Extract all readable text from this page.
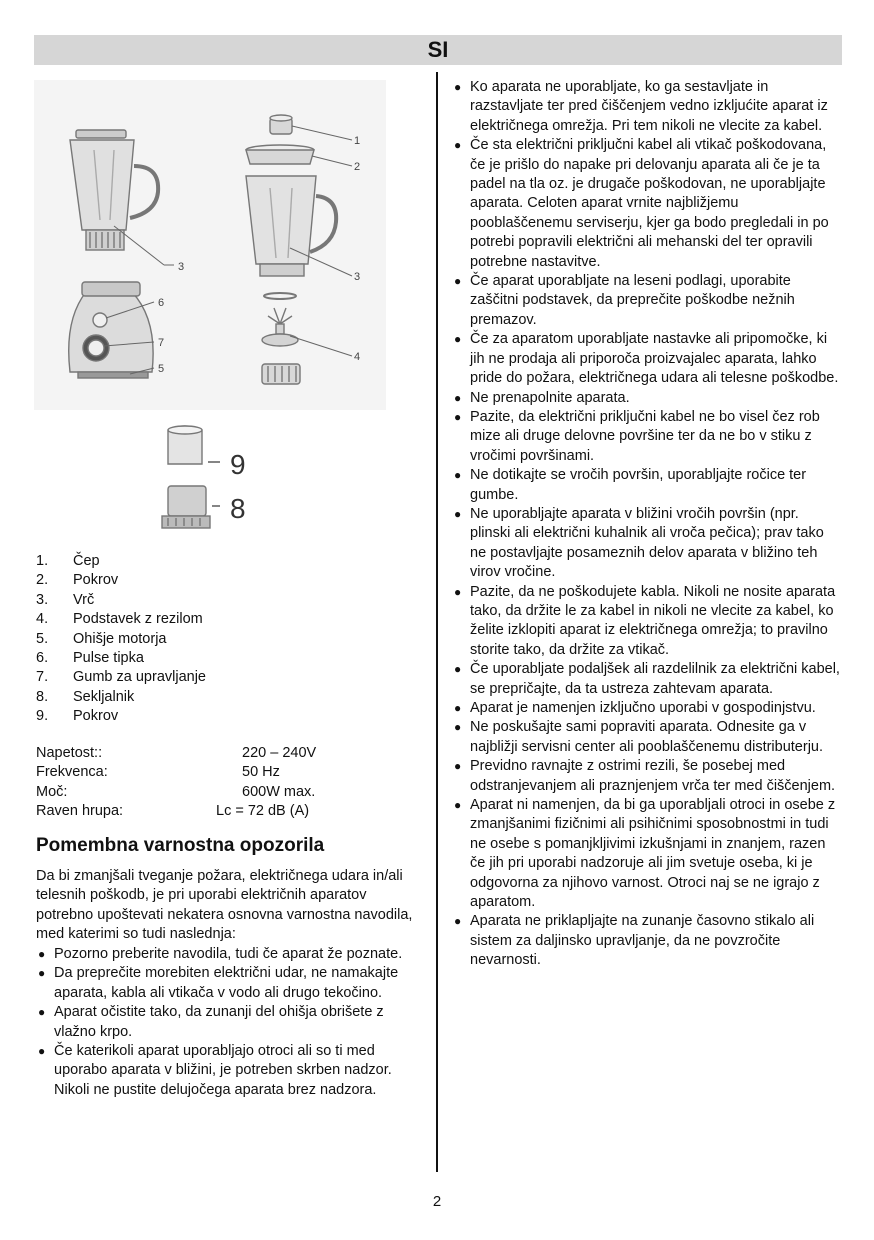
SI
3
6
7
5
1
2
3
4
9
8
1. Čep
2. Pokrov
3. Vrč
4. Podstavek z rezilom
5. Ohišje motorja
6. Pulse tipka
7. Gumb za upravljanje
8. Sekljalnik
9. Pokrov
Napetost::	220 – 240V
Frekvenca:	50 Hz
Moč:	600W max.
Raven hrupa:	Lc = 72 dB (A)
Pomembna varnostna opozorila

Da bi zmanjšali tveganje požara, električnega udara in/ali telesnih poškodb, je pri uporabi električnih aparatov potrebno upoštevati nekatera osnovna varnostna navodila, med katerimi so tudi naslednja:

● Pozorno preberite navodila, tudi če aparat že poznate.
● Da preprečite morebiten električni udar, ne namakajte aparata, kabla ali vtikača v vodo ali drugo tekočino.
● Aparat očistite tako, da zunanji del ohišja obrišete z vlažno krpo.
● Če katerikoli aparat uporabljajo otroci ali so ti med uporabo aparata v bližini, je potreben skrben nadzor. Nikoli ne pustite delujočega aparata brez nadzora.
● Ko aparata ne uporabljate, ko ga sestavljate in razstavljate ter pred čiščenjem vedno izkljućite aparat iz električnega omrežja. Pri tem nikoli ne vlecite za kabel.
● Če sta električni priključni kabel ali vtikač poškodovana, če je prišlo do napake pri delovanju aparata ali če je ta padel na tla oz. je drugače poškodovan, ne uporabljajte aparata. Celoten aparat vrnite najbližjemu pooblaščenemu serviserju, kjer ga bodo pregledali in po potrebi popravili električni ali mehanski del ter opravili potrebne nastavitve.
● Če aparat uporabljate na leseni podlagi, uporabite zaščitni podstavek, da preprečite poškodbe nežnih premazov.
● Če za aparatom uporabljate nastavke ali pripomočke, ki jih ne prodaja ali priporoča proizvajalec aparata, lahko pride do požara, električnega udara ali telesne poškodbe.
● Ne prenapolnite aparata.
● Pazite, da električni priključni kabel ne bo visel čez rob mize ali druge delovne površine ter da ne bo v stiku z vročimi površinami.
● Ne dotikajte se vročih površin, uporabljajte ročice ter gumbe.
● Ne uporabljajte aparata v bližini vročih površin (npr. plinski ali električni kuhalnik ali vroča pečica); prav tako ne postavljajte posameznih delov aparata v bližino teh virov vročine.
● Pazite, da ne poškodujete kabla. Nikoli ne nosite aparata tako, da držite le za kabel in nikoli ne vlecite za kabel, ko želite izklopiti aparat iz električnega omrežja; to pravilno storite tako, da držite za vtikač.
● Če uporabljate podaljšek ali razdelilnik za električni kabel, se prepričajte, da ta ustreza zahtevam aparata.
● Aparat je namenjen izključno uporabi v gospodinjstvu.
● Ne poskušajte sami popraviti aparata. Odnesite ga v najbližji servisni center ali pooblaščenemu distributerju.
● Previdno ravnajte z ostrimi rezili, še posebej med odstranjevanjem ali praznjenjem vrča ter med čiščenjem.
● Aparat ni namenjen, da bi ga uporabljali otroci in osebe z zmanjšanimi fizičnimi ali psihičnimi sposobnostmi in tudi ne osebe s pomanjkljivimi izkušnjami in znanjem, razen če jih pri uporabi nadzoruje ali jim svetuje oseba, ki je odgovorna za njihovo varnost. Otroci naj se ne igrajo z aparatom.
● Aparata ne priklapljajte na zunanje časovno stikalo ali sistem za daljinsko upravljanje, da ne povzročite nevarnosti.
2
